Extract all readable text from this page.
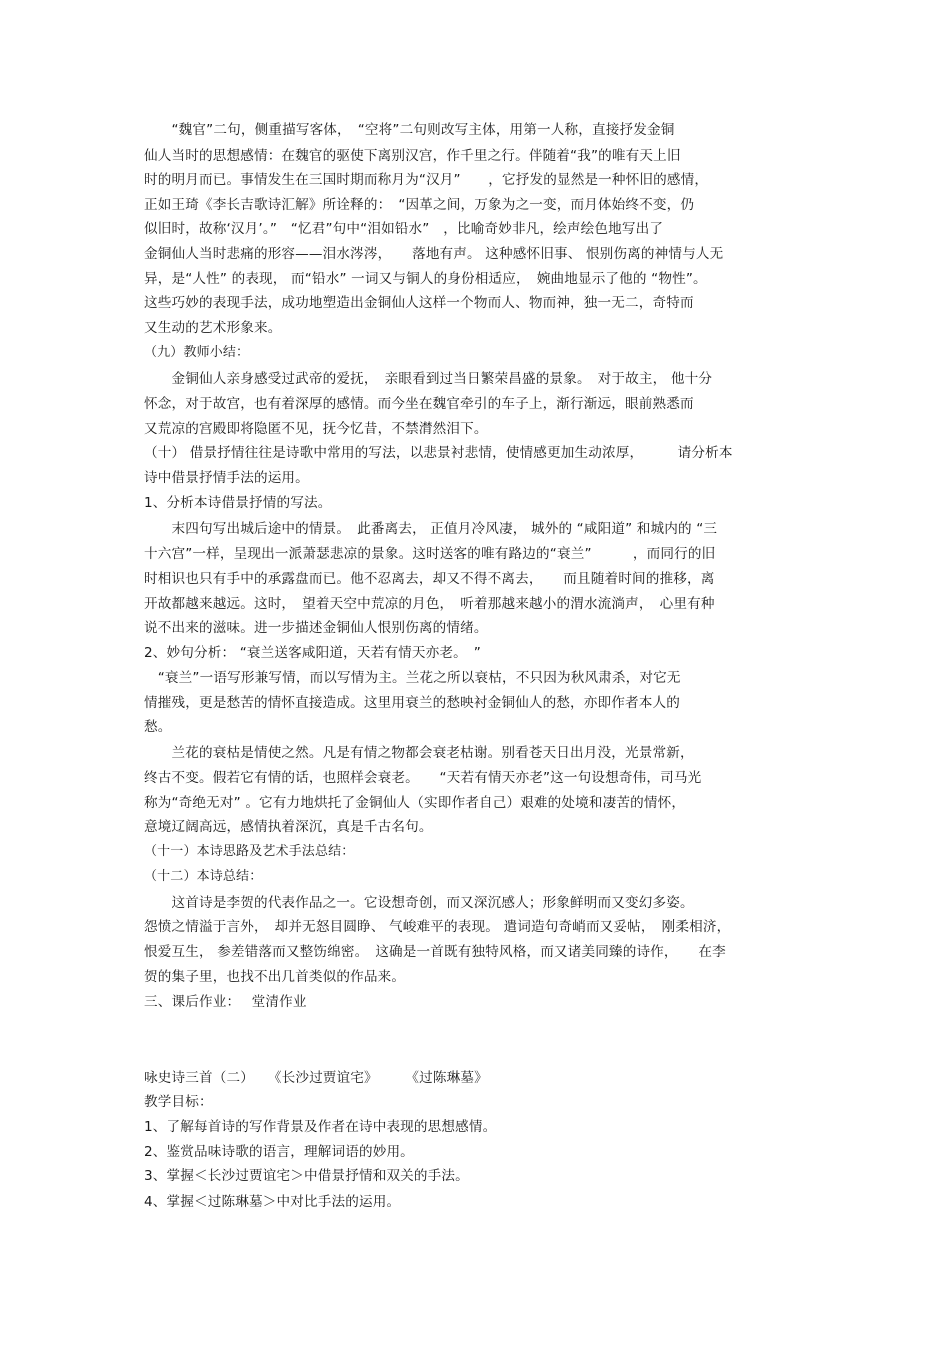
　　“魏官”二句，侧重描写客体，　“空将”二句则改写主体，用第一人称，直接抒发金铜

仙人当时的思想感情：在魏官的驱使下离别汉宫，作千里之行。伴随着“我”的唯有天上旧

时的明月而已。事情发生在三国时期而称月为“汉月”　　，它抒发的显然是一种怀旧的感情，

正如王琦《李长吉歌诗汇解》所诠释的：　“因革之间，万象为之一变，而月体始终不变，仍

似旧时，故称‘汉月’。”　“忆君”句中“泪如铅水”　，比喻奇妙非凡，绘声绘色地写出了

金铜仙人当时悲痛的形容——泪水涔涔，　　落地有声。 这种感怀旧事、 恨别伤离的神情与人无

异，是“人性” 的表现， 而“铅水” 一词又与铜人的身份相适应，　婉曲地显示了他的 “物性”。

这些巧妙的表现手法，成功地塑造出金铜仙人这样一个物而人、物而神，独一无二，奇特而

又生动的艺术形象来。

（九）教师小结：

　　金铜仙人亲身感受过武帝的爱抚，　亲眼看到过当日繁荣昌盛的景象。　对于故主， 他十分

怀念，对于故宫，也有着深厚的感情。而今坐在魏官牵引的车子上，渐行渐远，眼前熟悉而

又荒凉的宫殿即将隐匿不见，抚今忆昔，不禁潸然泪下。

（十） 借景抒情往往是诗歌中常用的写法，以悲景衬悲情，使情感更加生动浓厚，　　　请分析本

诗中借景抒情手法的运用。

1、分析本诗借景抒情的写法。

　　末四句写出城后途中的情景。　此番离去， 正值月冷风凄， 城外的 “咸阳道” 和城内的 “三

十六宫”一样，呈现出一派萧瑟悲凉的景象。这时送客的唯有路边的“衰兰”　　　，而同行的旧

时相识也只有手中的承露盘而已。他不忍离去，却又不得不离去，　　而且随着时间的推移，离

开故都越来越远。这时，　望着天空中荒凉的月色，　听着那越来越小的渭水流淌声，　心里有种

说不出来的滋味。进一步描述金铜仙人恨别伤离的情绪。

2、妙句分析： “衰兰送客咸阳道，天若有情天亦老。　”

　“衰兰”一语写形兼写情，而以写情为主。兰花之所以衰枯，不只因为秋风肃杀，对它无

情摧残，更是愁苦的情怀直接造成。这里用衰兰的愁映衬金铜仙人的愁，亦即作者本人的

愁。

　　兰花的衰枯是情使之然。凡是有情之物都会衰老枯谢。别看苍天日出月没，光景常新，

终古不变。假若它有情的话，也照样会衰老。　　“天若有情天亦老”这一句设想奇伟，司马光

称为“奇绝无对” 。它有力地烘托了金铜仙人（实即作者自己）艰难的处境和凄苦的情怀，

意境辽阔高远，感情执着深沉，真是千古名句。

（十一）本诗思路及艺术手法总结：

（十二）本诗总结：

　　这首诗是李贺的代表作品之一。它设想奇创，而又深沉感人；形象鲜明而又变幻多姿。

怨愤之情溢于言外，　却并无怒目圆睁、 气峻难平的表现。 遣词造句奇峭而又妥帖，　刚柔相济，

恨爱互生， 参差错落而又整饬绵密。　这确是一首既有独特风格，而又诸美同臻的诗作，　　在李

贺的集子里，也找不出几首类似的作品来。

三、课后作业：　 堂清作业

咏史诗三首（二）　　《长沙过贾谊宅》　　　《过陈琳墓》

教学目标：

1、了解每首诗的写作背景及作者在诗中表现的思想感情。

2、鉴赏品味诗歌的语言，理解词语的妙用。

3、掌握＜长沙过贾谊宅＞中借景抒情和双关的手法。

4、掌握＜过陈琳墓＞中对比手法的运用。
